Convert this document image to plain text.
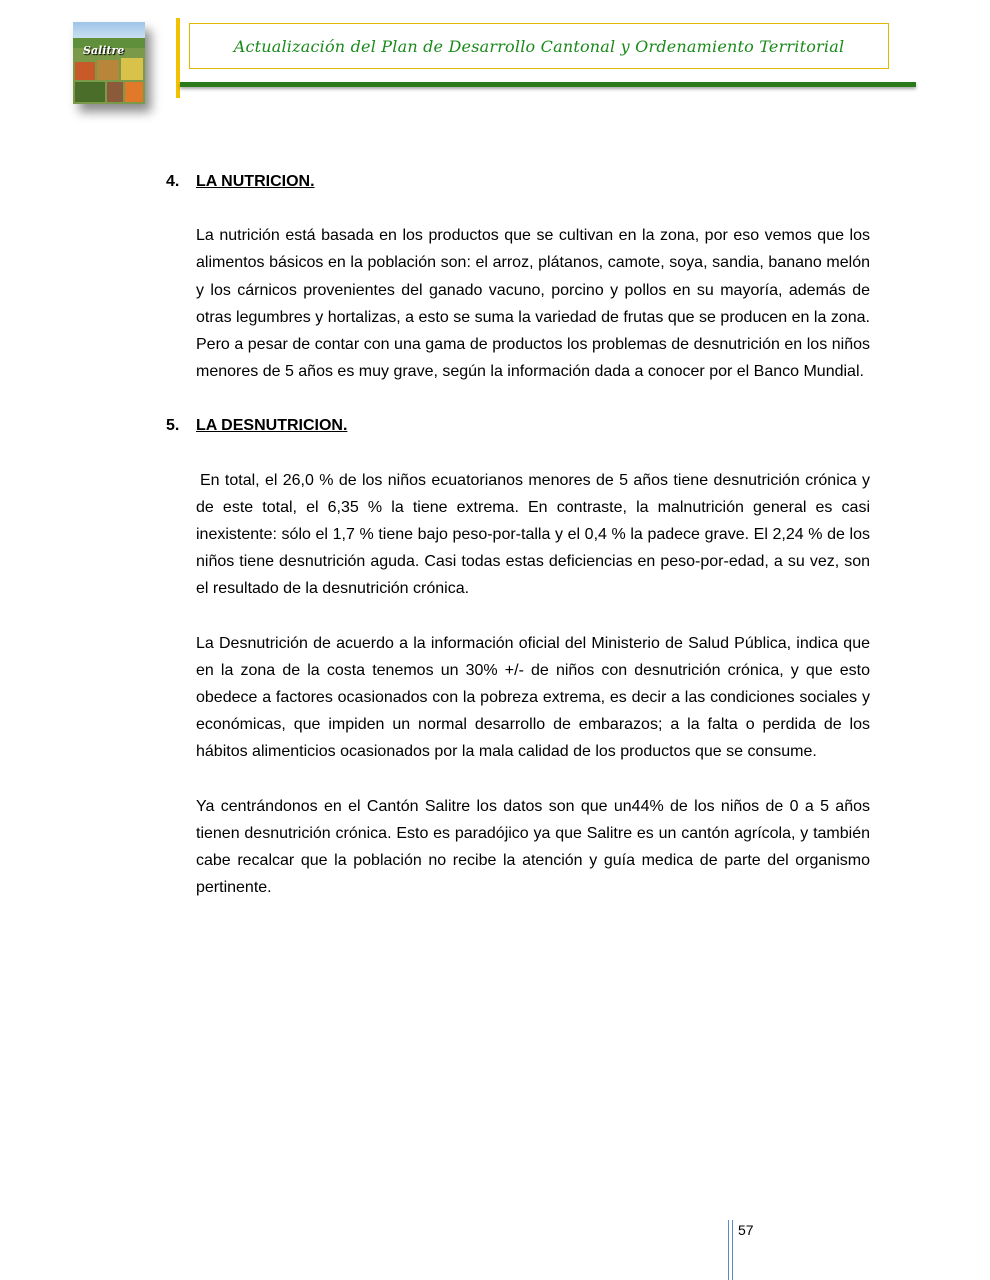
Salitre	Actualización del Plan de Desarrollo Cantonal y Ordenamiento Territorial
4.	LA NUTRICION.

La nutrición está basada en los productos que se cultivan en la zona, por eso vemos que los alimentos básicos en la población son: el arroz, plátanos, camote, soya, sandia, banano melón y los cárnicos provenientes del ganado vacuno, porcino y pollos en su mayoría, además de otras legumbres y hortalizas, a esto se suma la variedad de frutas que se producen en la zona. Pero a pesar de contar con una gama de productos los problemas de desnutrición en los niños menores de 5 años es muy grave, según la información dada a conocer por el Banco Mundial.

5.	LA DESNUTRICION.

En total, el 26,0 % de los niños ecuatorianos menores de 5 años tiene desnutrición crónica y de este total, el 6,35 % la tiene extrema. En contraste, la malnutrición general es casi inexistente: sólo el 1,7 % tiene bajo peso-por-talla y el 0,4 % la padece grave. El 2,24 % de los niños tiene desnutrición aguda. Casi todas estas deficiencias en peso-por-edad, a su vez, son el resultado de la desnutrición crónica.

La Desnutrición de acuerdo a la información oficial del Ministerio de Salud Pública, indica que en la zona de la costa tenemos un 30% +/- de niños con desnutrición crónica, y que esto obedece a factores ocasionados con la pobreza extrema, es decir a las condiciones sociales y económicas, que impiden un normal desarrollo de embarazos; a la falta o perdida de los hábitos alimenticios ocasionados por la mala calidad de los productos que se consume.

Ya centrándonos en el Cantón Salitre los datos son que un44% de los niños de 0 a 5 años tienen desnutrición crónica. Esto es paradójico ya que Salitre es un cantón agrícola, y también cabe recalcar que la población no recibe la atención y guía medica de parte del organismo pertinente.

57
